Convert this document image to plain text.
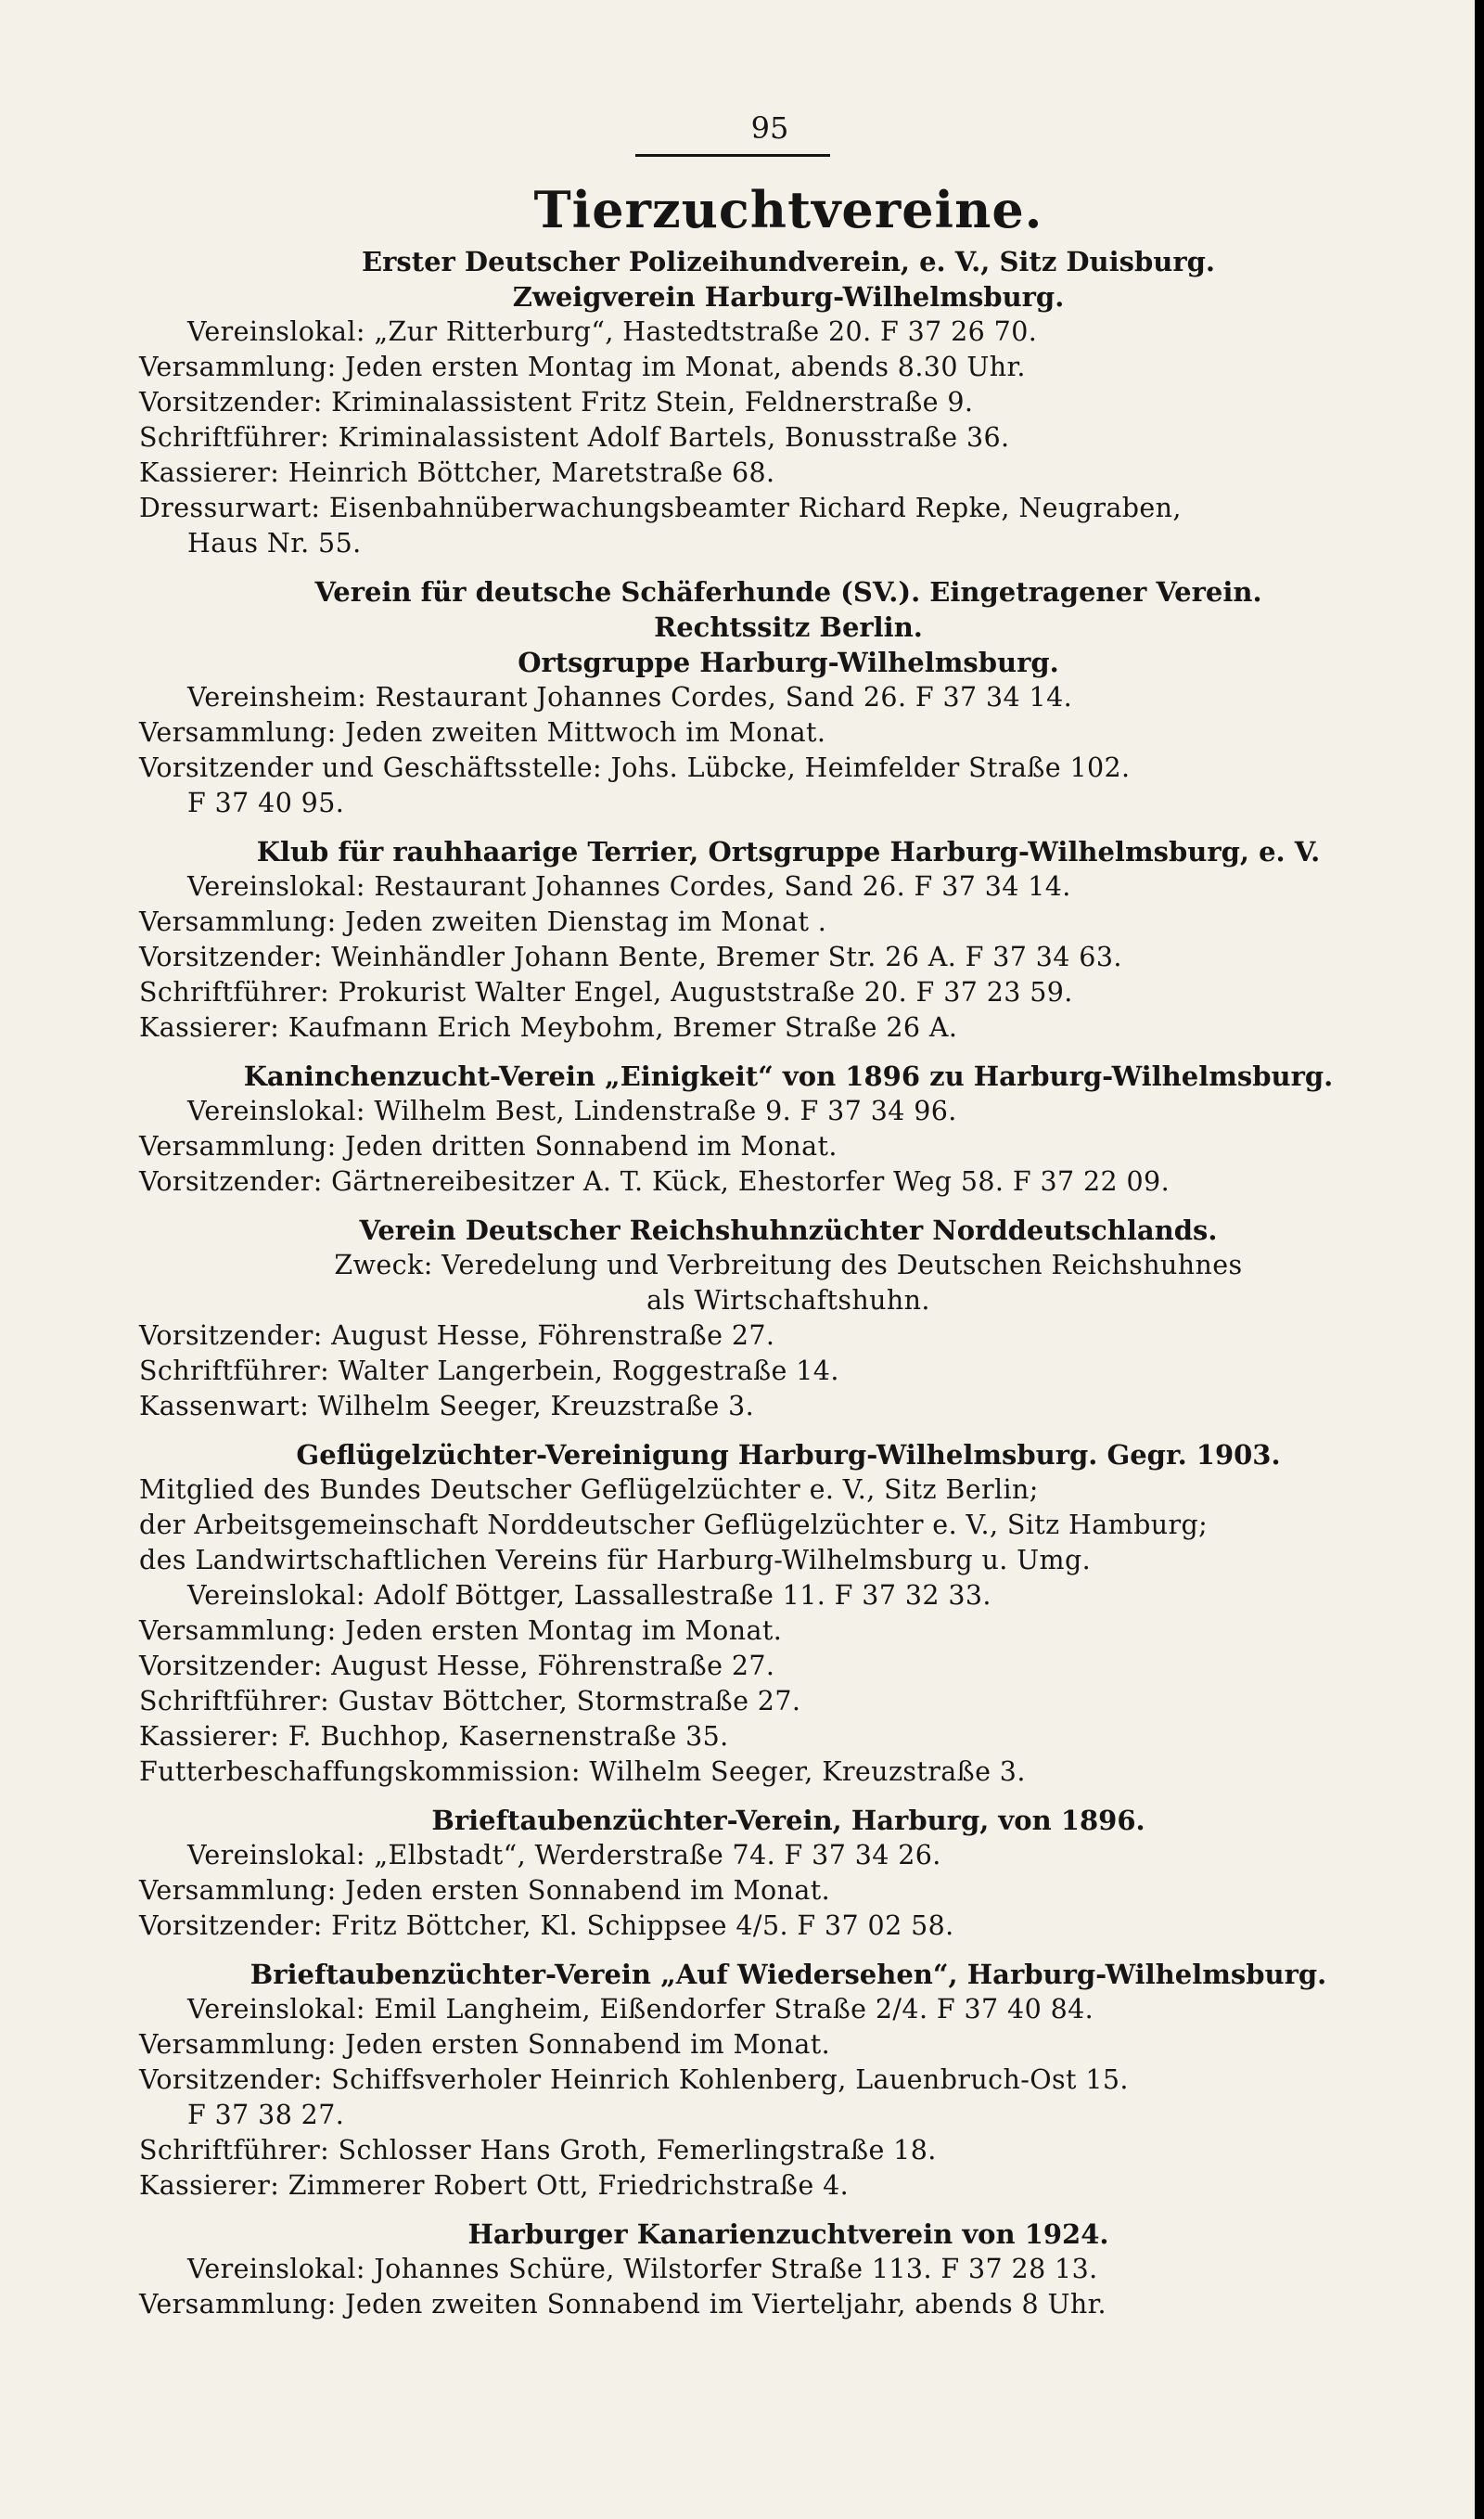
95
Tierzuchtvereine.

Erster Deutscher Polizeihundverein, e. V., Sitz Duisburg.

Zweigverein Harburg-Wilhelmsburg.

Vereinslokal: „Zur Ritterburg“, Hastedtstraße 20. F 37 26 70.

Versammlung: Jeden ersten Montag im Monat, abends 8.30 Uhr.

Vorsitzender: Kriminalassistent Fritz Stein, Feldnerstraße 9.

Schriftführer: Kriminalassistent Adolf Bartels, Bonusstraße 36.

Kassierer: Heinrich Böttcher, Maretstraße 68.

Dressurwart: Eisenbahnüberwachungsbeamter Richard Repke, Neugraben,

Haus Nr. 55.

Verein für deutsche Schäferhunde (SV.). Eingetragener Verein.

Rechtssitz Berlin.

Ortsgruppe Harburg-Wilhelmsburg.

Vereinsheim: Restaurant Johannes Cordes, Sand 26. F 37 34 14.

Versammlung: Jeden zweiten Mittwoch im Monat.

Vorsitzender und Geschäftsstelle: Johs. Lübcke, Heimfelder Straße 102.

F 37 40 95.

Klub für rauhhaarige Terrier, Ortsgruppe Harburg-Wilhelmsburg, e. V.

Vereinslokal: Restaurant Johannes Cordes, Sand 26. F 37 34 14.

Versammlung: Jeden zweiten Dienstag im Monat .

Vorsitzender: Weinhändler Johann Bente, Bremer Str. 26 A. F 37 34 63.

Schriftführer: Prokurist Walter Engel, Auguststraße 20. F 37 23 59.

Kassierer: Kaufmann Erich Meybohm, Bremer Straße 26 A.

Kaninchenzucht-Verein „Einigkeit“ von 1896 zu Harburg-Wilhelmsburg.

Vereinslokal: Wilhelm Best, Lindenstraße 9. F 37 34 96.

Versammlung: Jeden dritten Sonnabend im Monat.

Vorsitzender: Gärtnereibesitzer A. T. Kück, Ehestorfer Weg 58. F 37 22 09.

Verein Deutscher Reichshuhnzüchter Norddeutschlands.

Zweck: Veredelung und Verbreitung des Deutschen Reichshuhnes

als Wirtschaftshuhn.

Vorsitzender: August Hesse, Föhrenstraße 27.

Schriftführer: Walter Langerbein, Roggestraße 14.

Kassenwart: Wilhelm Seeger, Kreuzstraße 3.

Geflügelzüchter-Vereinigung Harburg-Wilhelmsburg. Gegr. 1903.

Mitglied des Bundes Deutscher Geflügelzüchter e. V., Sitz Berlin;

der Arbeitsgemeinschaft Norddeutscher Geflügelzüchter e. V., Sitz Hamburg;

des Landwirtschaftlichen Vereins für Harburg-Wilhelmsburg u. Umg.

Vereinslokal: Adolf Böttger, Lassallestraße 11. F 37 32 33.

Versammlung: Jeden ersten Montag im Monat.

Vorsitzender: August Hesse, Föhrenstraße 27.

Schriftführer: Gustav Böttcher, Stormstraße 27.

Kassierer: F. Buchhop, Kasernenstraße 35.

Futterbeschaffungskommission: Wilhelm Seeger, Kreuzstraße 3.

Brieftaubenzüchter-Verein, Harburg, von 1896.

Vereinslokal: „Elbstadt“, Werderstraße 74. F 37 34 26.

Versammlung: Jeden ersten Sonnabend im Monat.

Vorsitzender: Fritz Böttcher, Kl. Schippsee 4/5. F 37 02 58.

Brieftaubenzüchter-Verein „Auf Wiedersehen“, Harburg-Wilhelmsburg.

Vereinslokal: Emil Langheim, Eißendorfer Straße 2/4. F 37 40 84.

Versammlung: Jeden ersten Sonnabend im Monat.

Vorsitzender: Schiffsverholer Heinrich Kohlenberg, Lauenbruch-Ost 15.

F 37 38 27.

Schriftführer: Schlosser Hans Groth, Femerlingstraße 18.

Kassierer: Zimmerer Robert Ott, Friedrichstraße 4.

Harburger Kanarienzuchtverein von 1924.

Vereinslokal: Johannes Schüre, Wilstorfer Straße 113. F 37 28 13.

Versammlung: Jeden zweiten Sonnabend im Vierteljahr, abends 8 Uhr.
